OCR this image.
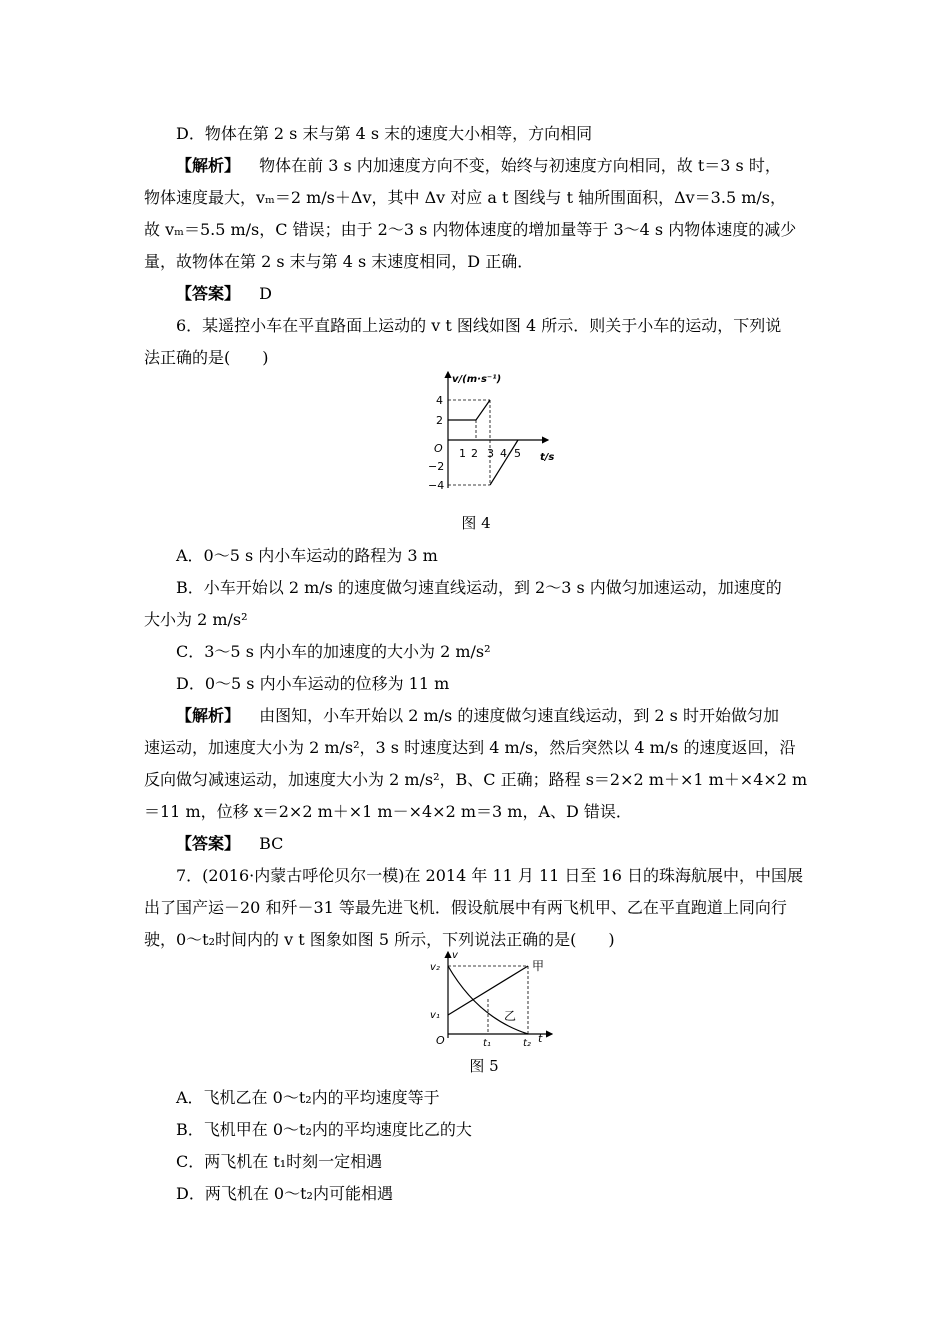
D．物体在第 2 s 末与第 4 s 末的速度大小相等，方向相同
【解析】 物体在前 3 s 内加速度方向不变，始终与初速度方向相同，故 t＝3 s 时，
物体速度最大，vₘ＝2 m/s＋Δv，其中 Δv 对应 a t 图线与 t 轴所围面积，Δv＝3.5 m/s，
故 vₘ＝5.5 m/s，C 错误；由于 2～3 s 内物体速度的增加量等于 3～4 s 内物体速度的减少
量，故物体在第 2 s 末与第 4 s 末速度相同，D 正确．
【答案】 D
6．某遥控小车在平直路面上运动的 v t 图线如图 4 所示．则关于小车的运动，下列说
法正确的是(　　)
v/(m·s⁻¹)
t/s
O
4
2
−2
−4
1 2 3 4 5
图 4
A．0～5 s 内小车运动的路程为 3 m
B．小车开始以 2 m/s 的速度做匀速直线运动，到 2～3 s 内做匀加速运动，加速度的
大小为 2 m/s²
C．3～5 s 内小车的加速度的大小为 2 m/s²
D．0～5 s 内小车运动的位移为 11 m
【解析】 由图知，小车开始以 2 m/s 的速度做匀速直线运动，到 2 s 时开始做匀加
速运动，加速度大小为 2 m/s²，3 s 时速度达到 4 m/s，然后突然以 4 m/s 的速度返回，沿
反向做匀减速运动，加速度大小为 2 m/s²，B、C 正确；路程 s＝2×2 m＋×1 m＋×4×2 m
＝11 m，位移 x＝2×2 m＋×1 m－×4×2 m＝3 m，A、D 错误．
【答案】 BC
7．(2016·内蒙古呼伦贝尔一模)在 2014 年 11 月 11 日至 16 日的珠海航展中，中国展
出了国产运－20 和歼－31 等最先进飞机．假设航展中有两飞机甲、乙在平直跑道上同向行
驶，0～t₂时间内的 v t 图象如图 5 所示，下列说法正确的是(　　)
v
t
O
v₂
v₁
t₁	t₂
甲
乙
图 5
A．飞机乙在 0～t₂内的平均速度等于
B．飞机甲在 0～t₂内的平均速度比乙的大
C．两飞机在 t₁时刻一定相遇
D．两飞机在 0～t₂内可能相遇
